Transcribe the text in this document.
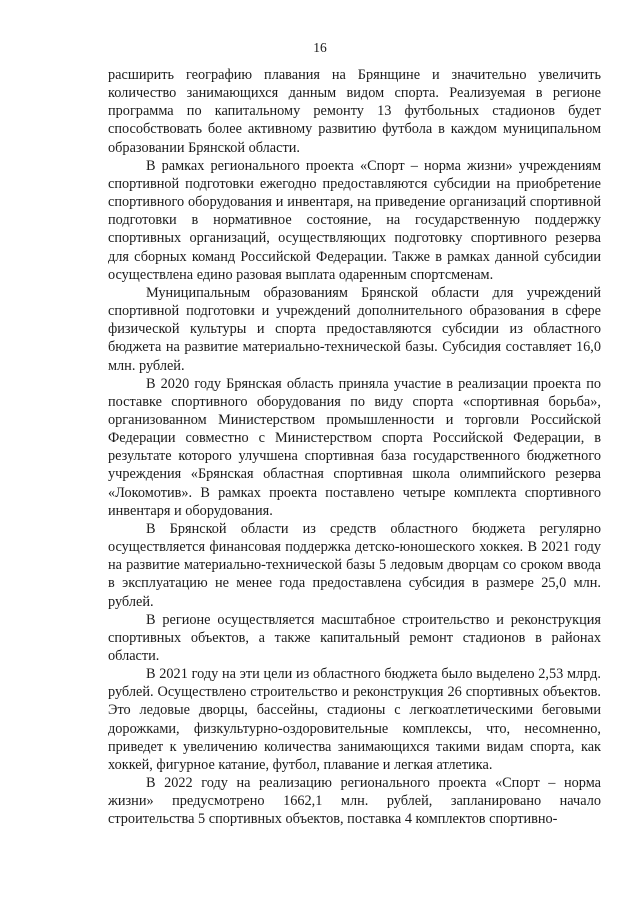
16

расширить географию плавания на Брянщине и значительно увеличить количество занимающихся данным видом спорта. Реализуемая в регионе программа по капитальному ремонту 13 футбольных стадионов будет способствовать более активному развитию футбола в каждом муниципальном образовании Брянской области.

В рамках регионального проекта «Спорт – норма жизни» учреждениям спортивной подготовки ежегодно предоставляются субсидии на приобретение спортивного оборудования и инвентаря, на приведение организаций спортивной подготовки в нормативное состояние, на государственную поддержку спортивных организаций, осуществляющих подготовку спортивного резерва для сборных команд Российской Федерации. Также в рамках данной субсидии осуществлена едино разовая выплата одаренным спортсменам.

Муниципальным образованиям Брянской области для учреждений спортивной подготовки и учреждений дополнительного образования в сфере физической культуры и спорта предоставляются субсидии из областного бюджета на развитие материально-технической базы. Субсидия составляет 16,0 млн. рублей.

В 2020 году Брянская область приняла участие в реализации проекта по поставке спортивного оборудования по виду спорта «спортивная борьба», организованном Министерством промышленности и торговли Российской Федерации совместно с Министерством спорта Российской Федерации, в результате которого улучшена спортивная база государственного бюджетного учреждения «Брянская областная спортивная школа олимпийского резерва «Локомотив». В рамках проекта поставлено четыре комплекта спортивного инвентаря и оборудования.

В Брянской области из средств областного бюджета регулярно осуществляется финансовая поддержка детско-юношеского хоккея. В 2021 году на развитие материально-технической базы 5 ледовым дворцам со сроком ввода в эксплуатацию не менее года предоставлена субсидия в размере 25,0 млн. рублей.

В регионе осуществляется масштабное строительство и реконструкция спортивных объектов, а также капитальный ремонт стадионов в районах области.

В 2021 году на эти цели из областного бюджета было выделено 2,53 млрд. рублей. Осуществлено строительство и реконструкция 26 спортивных объектов. Это ледовые дворцы, бассейны, стадионы с легкоатлетическими беговыми дорожками, физкультурно-оздоровительные комплексы, что, несомненно, приведет к увеличению количества занимающихся такими видам спорта, как хоккей, фигурное катание, футбол, плавание и легкая атлетика.

В 2022 году на реализацию регионального проекта «Спорт – норма жизни» предусмотрено 1662,1 млн. рублей, запланировано начало строительства 5 спортивных объектов, поставка 4 комплектов спортивно-
